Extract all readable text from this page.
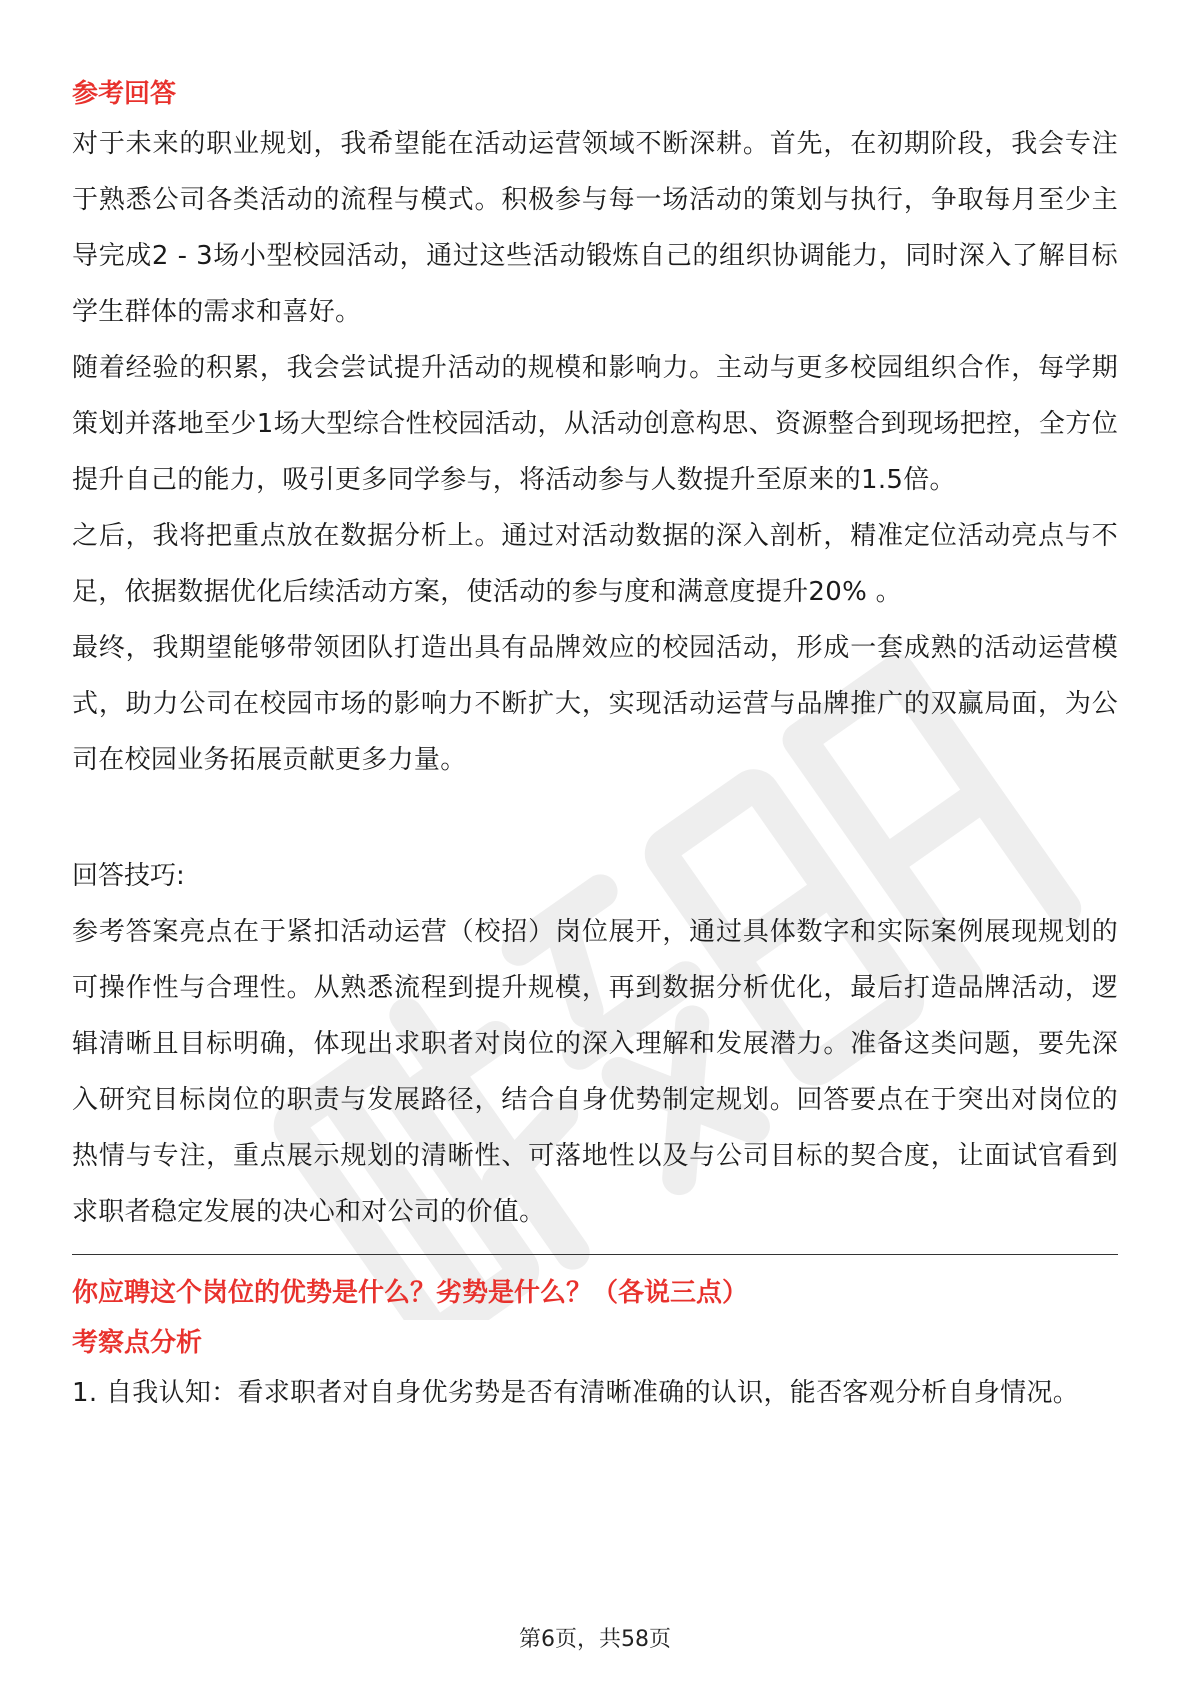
参考回答

对于未来的职业规划，我希望能在活动运营领域不断深耕。首先，在初期阶段，我会专注于熟悉公司各类活动的流程与模式。积极参与每一场活动的策划与执行，争取每月至少主导完成2 - 3场小型校园活动，通过这些活动锻炼自己的组织协调能力，同时深入了解目标学生群体的需求和喜好。

随着经验的积累，我会尝试提升活动的规模和影响力。主动与更多校园组织合作，每学期策划并落地至少1场大型综合性校园活动，从活动创意构思、资源整合到现场把控，全方位提升自己的能力，吸引更多同学参与，将活动参与人数提升至原来的1.5倍。

之后，我将把重点放在数据分析上。通过对活动数据的深入剖析，精准定位活动亮点与不足，依据数据优化后续活动方案，使活动的参与度和满意度提升20% 。

最终，我期望能够带领团队打造出具有品牌效应的校园活动，形成一套成熟的活动运营模式，助力公司在校园市场的影响力不断扩大，实现活动运营与品牌推广的双赢局面，为公司在校园业务拓展贡献更多力量。

回答技巧:

参考答案亮点在于紧扣活动运营（校招）岗位展开，通过具体数字和实际案例展现规划的可操作性与合理性。从熟悉流程到提升规模，再到数据分析优化，最后打造品牌活动，逻辑清晰且目标明确，体现出求职者对岗位的深入理解和发展潜力。准备这类问题，要先深入研究目标岗位的职责与发展路径，结合自身优势制定规划。回答要点在于突出对岗位的热情与专注，重点展示规划的清晰性、可落地性以及与公司目标的契合度，让面试官看到求职者稳定发展的决心和对公司的价值。

你应聘这个岗位的优势是什么？劣势是什么？（各说三点）
考察点分析

1. 自我认知：看求职者对自身优劣势是否有清晰准确的认识，能否客观分析自身情况。

第6页，共58页
